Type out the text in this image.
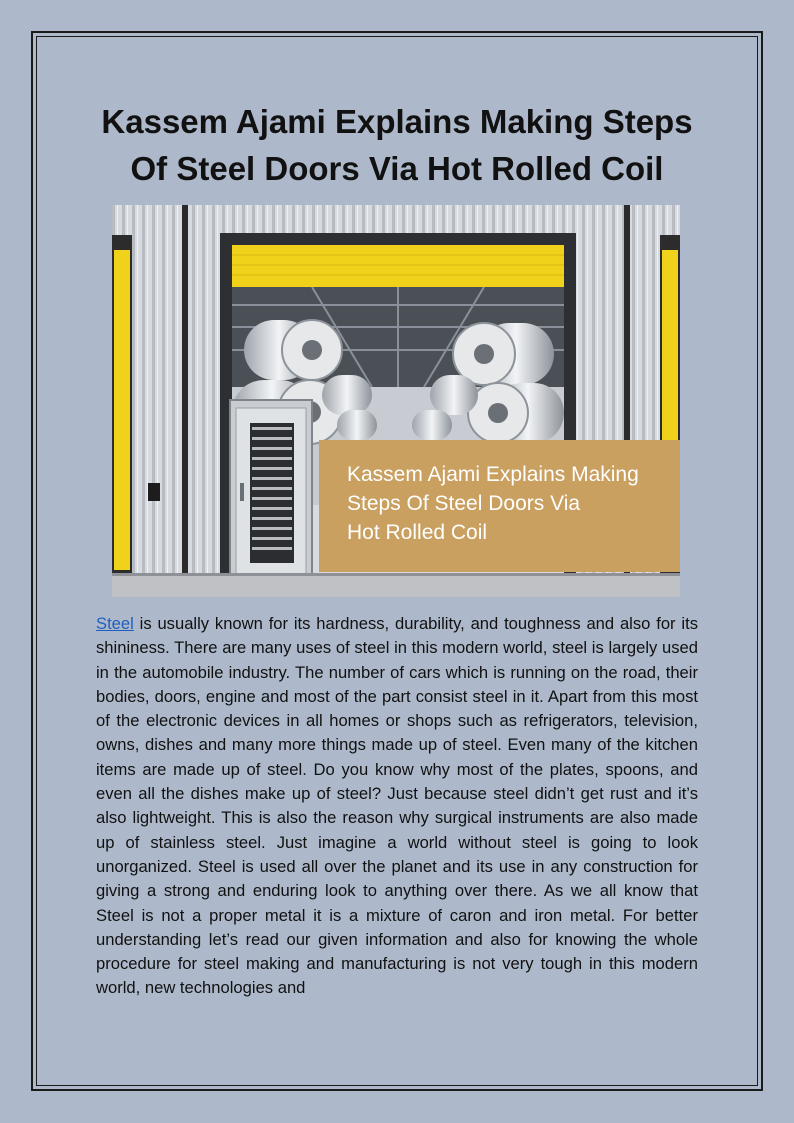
Kassem Ajami Explains Making Steps
Of Steel Doors Via Hot Rolled Coil
Kassem Ajami Explains Making
Steps Of Steel Doors Via
Hot Rolled Coil

Steel is usually known for its hardness, durability, and toughness and also for its shininess. There are many uses of steel in this modern world, steel is largely used in the automobile industry. The number of cars which is running on the road, their bodies, doors, engine and most of the part consist steel in it. Apart from this most of the electronic devices in all homes or shops such as refrigerators, television, owns, dishes and many more things made up of steel. Even many of the kitchen items are made up of steel. Do you know why most of the plates, spoons, and even all the dishes make up of steel? Just because steel didn’t get rust and it’s also lightweight. This is also the reason why surgical instruments are also made up of stainless steel. Just imagine a world without steel is going to look unorganized. Steel is used all over the planet and its use in any construction for giving a strong and enduring look to anything over there. As we all know that Steel is not a proper metal it is a mixture of caron and iron metal. For better understanding let’s read our given information and also for knowing the whole procedure for steel making and manufacturing is not very tough in this modern world, new technologies and
